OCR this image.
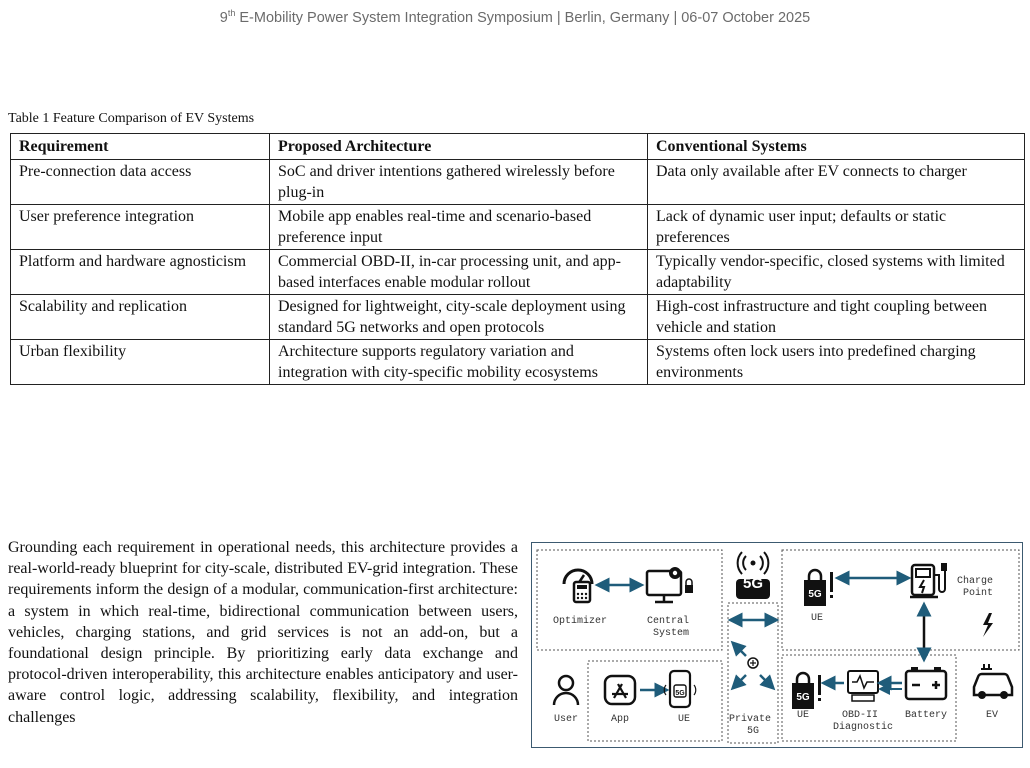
9th E-Mobility Power System Integration Symposium | Berlin, Germany | 06-07 October 2025
Table 1 Feature Comparison of EV Systems
Requirement	Proposed Architecture	Conventional Systems
Pre-connection data access	SoC and driver intentions gathered wirelessly before plug-in	Data only available after EV connects to charger
User preference integration	Mobile app enables real-time and scenario-based preference input	Lack of dynamic user input; defaults or static preferences
Platform and hardware agnosticism	Commercial OBD-II, in-car processing unit, and app-based interfaces enable modular rollout	Typically vendor-specific, closed systems with limited adaptability
Scalability and replication	Designed for lightweight, city-scale deployment using standard 5G networks and open protocols	High-cost infrastructure and tight coupling between vehicle and station
Urban flexibility	Architecture supports regulatory variation and integration with city-specific mobility ecosystems	Systems often lock users into predefined charging environments

Grounding each requirement in operational needs, this architecture provides a real-world-ready blueprint for city-scale, distributed EV-grid integration. These requirements inform the design of a modular, communication-first architecture: a system in which real-time, bidirectional communication between users, vehicles, charging stations, and grid services is not an add-on, but a foundational design principle. By prioritizing early data exchange and protocol-driven interoperability, this architecture enables anticipatory and user-aware control logic, addressing scalability, flexibility, and integration challenges

5G
5G
5G	5G
Optimizer	Central System
UE
Charge Point
User	App	UE	Private 5G
UE	OBD-II Diagnostic
Battery	EV
